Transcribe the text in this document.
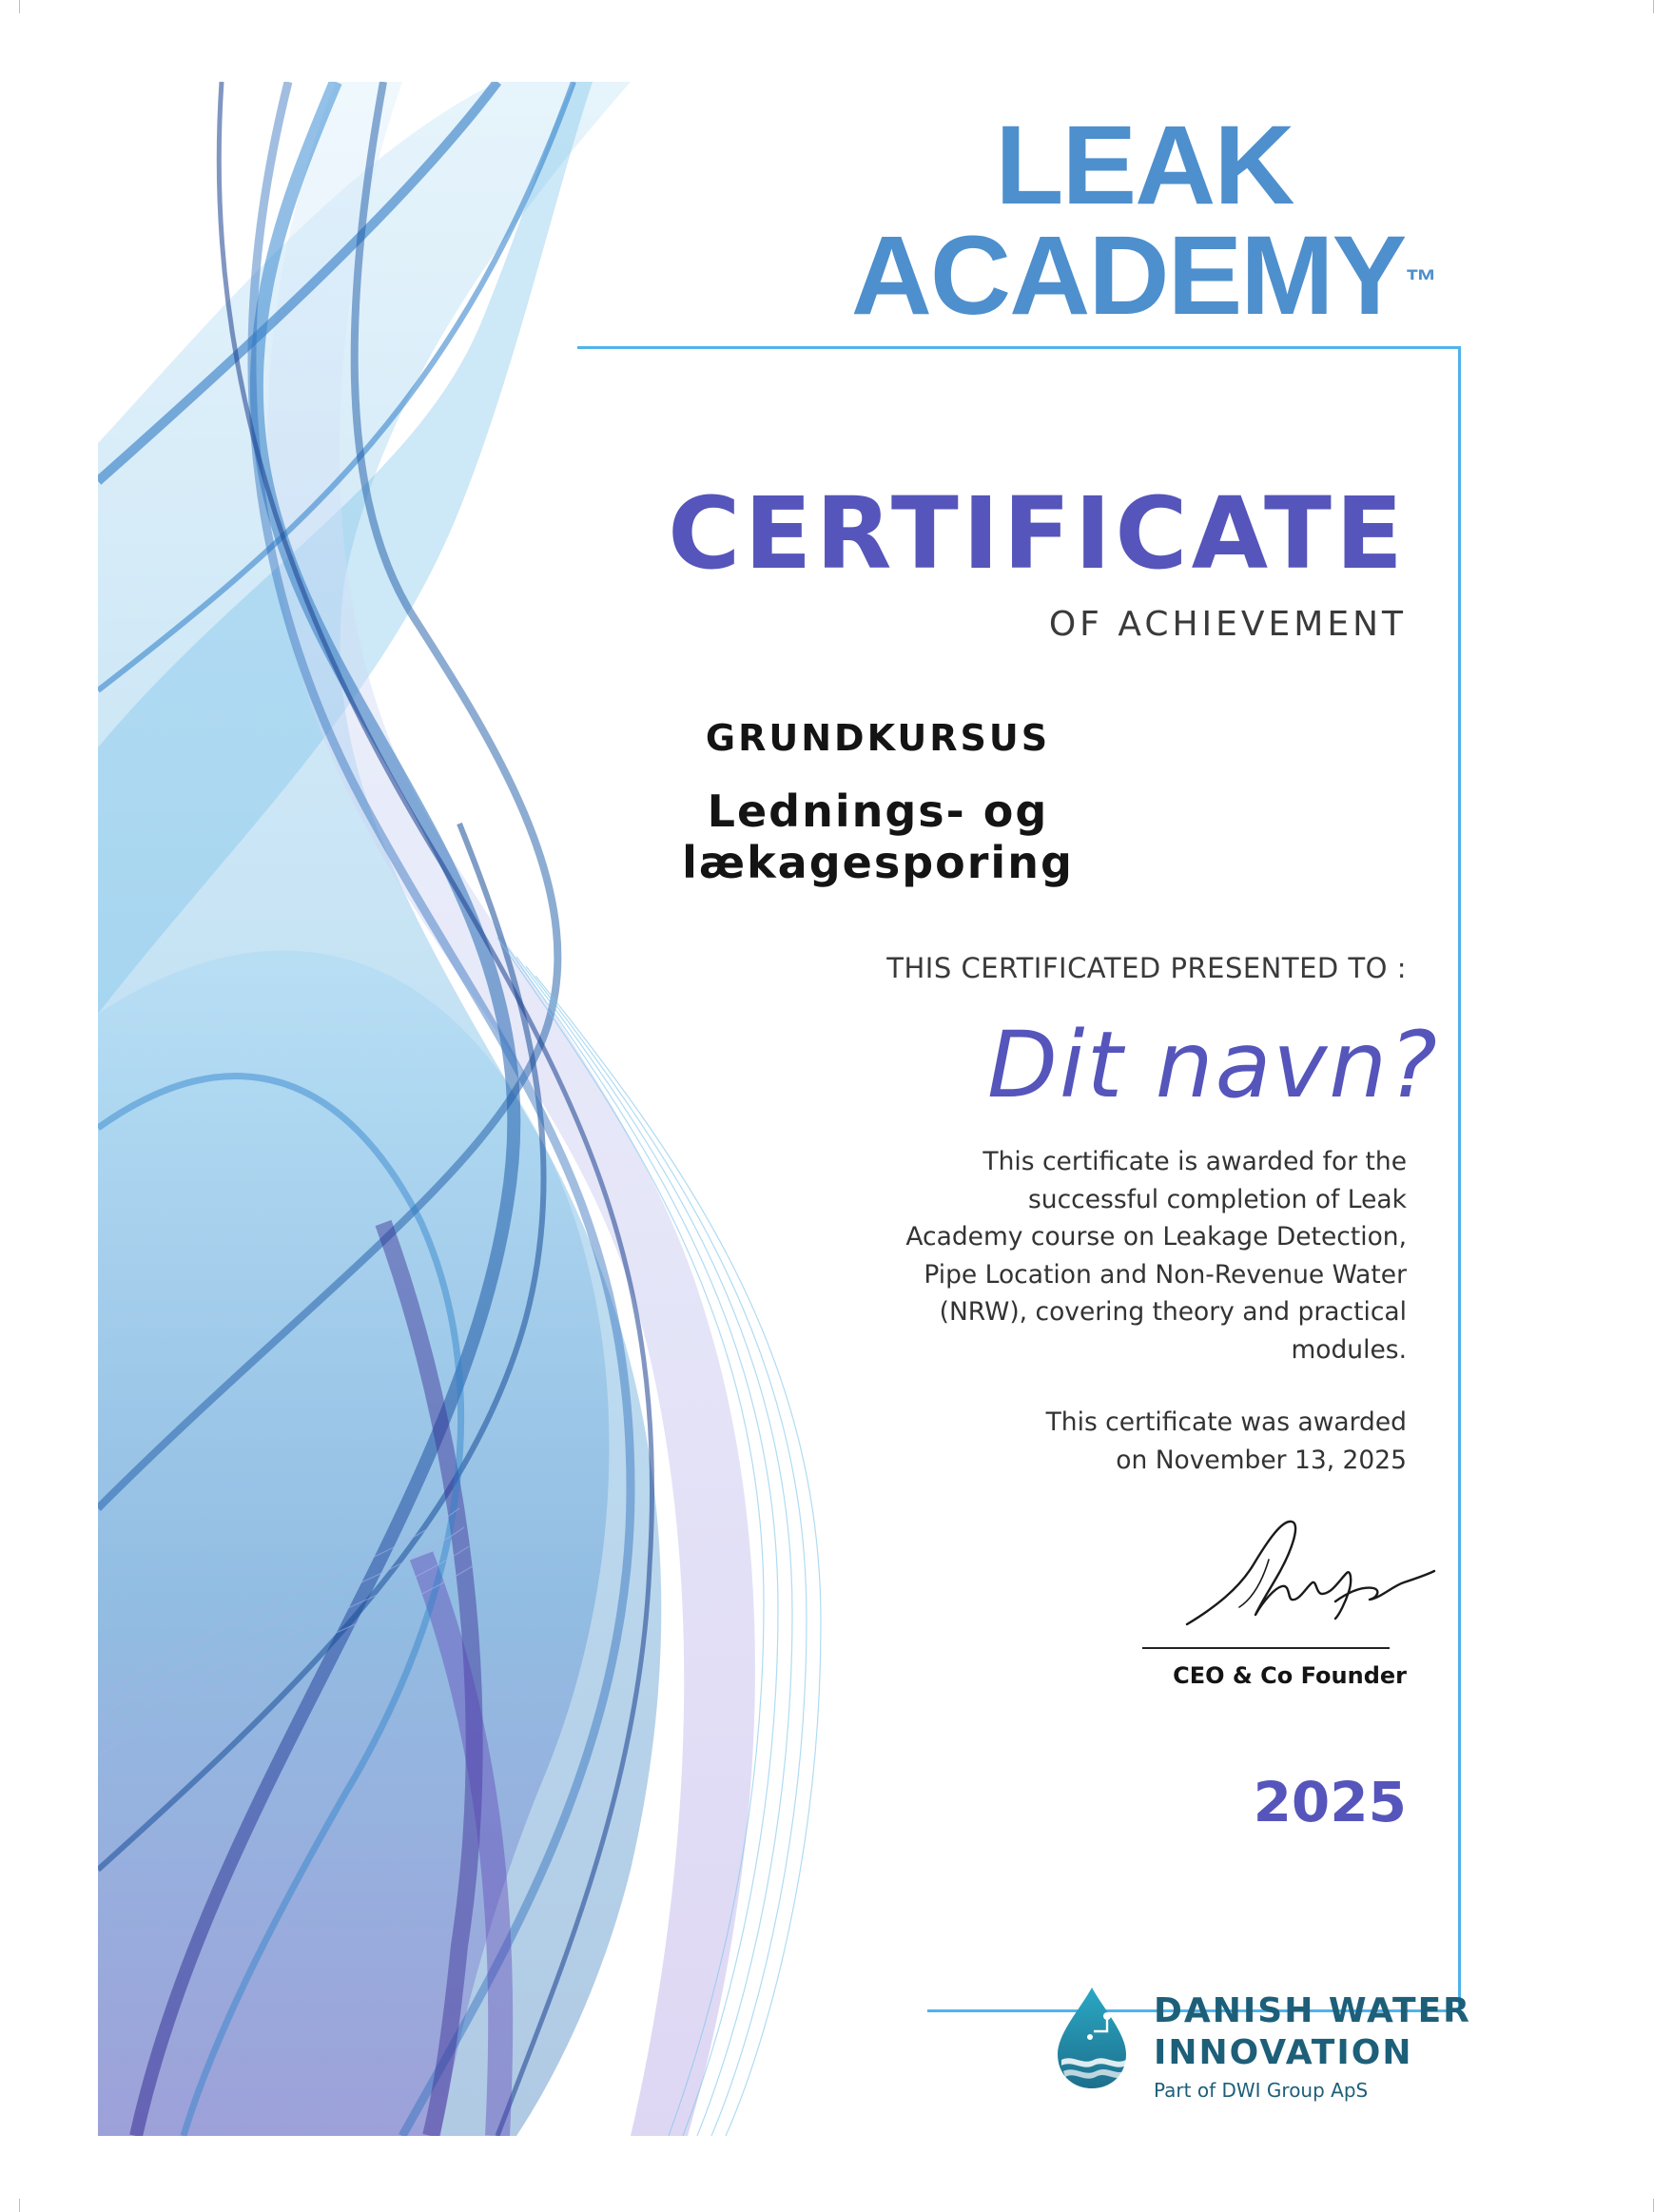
LEAK
ACADEMY™
CERTIFICATE
OF ACHIEVEMENT
GRUNDKURSUS
Lednings- og lækagesporing
THIS CERTIFICATED PRESENTED TO :
Dit navn?
This certificate is awarded for the
successful completion of Leak
Academy course on Leakage Detection,
Pipe Location and Non-Revenue Water
(NRW), covering theory and practical
modules.
This certificate was awarded
on November 13, 2025
CEO & Co Founder
2025
DANISH WATER
INNOVATION
Part of DWI Group ApS
